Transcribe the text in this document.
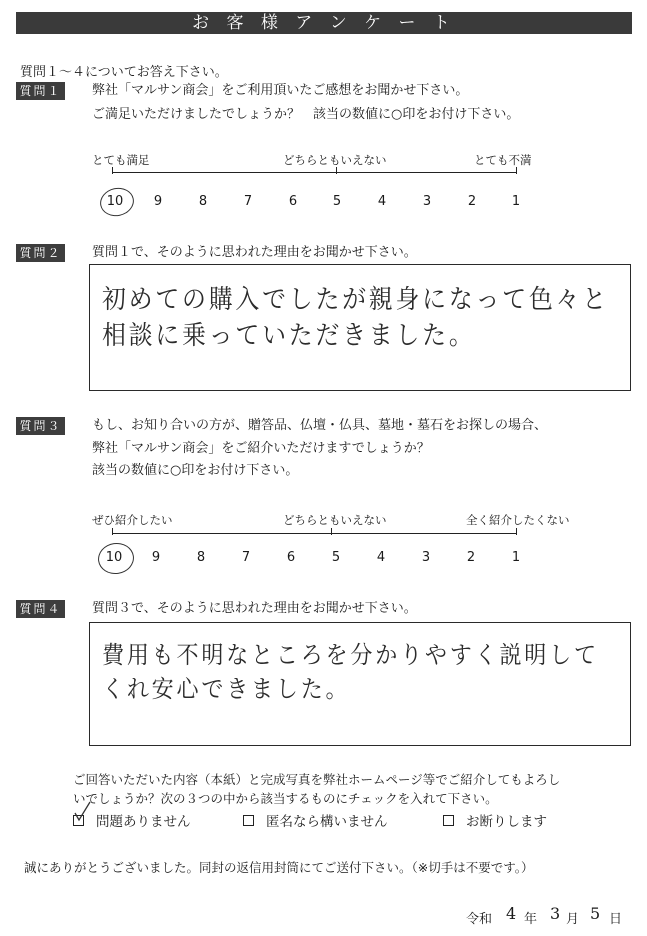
お 客 様 ア ン ケ ー ト
質問１～４についてお答え下さい。
質問１ 弊社「マルサン商会」をご利用頂いたご感想をお聞かせ下さい。
ご満足いただけましたでしょうか？　該当の数値に○印をお付け下さい。
とても満足	どちらともいえない	とても不満
10	9	8	7	6	5	4	3	2	1
質問２ 質問１で、そのように思われた理由をお聞かせ下さい。
初めての購入でしたが親身になって色々と
相談に乗っていただきました。
質問３ もし、お知り合いの方が、贈答品、仏壇・仏具、墓地・墓石をお探しの場合、
弊社「マルサン商会」をご紹介いただけますでしょうか？
該当の数値に○印をお付け下さい。
ぜひ紹介したい	どちらともいえない	全く紹介したくない
10	9	8	7	6	5	4	3	2	1
質問４ 質問３で、そのように思われた理由をお聞かせ下さい。
費用も不明なところを分かりやすく説明して
くれ安心できました。
ご回答いただいた内容（本紙）と完成写真を弊社ホームページ等でご紹介してもよろし
いでしょうか？次の３つの中から該当するものにチェックを入れて下さい。
問題ありません	匿名なら構いません	お断りします
誠にありがとうございました。同封の返信用封筒にてご送付下さい。（※切手は不要です。）
令和 4 年 3 月 5 日
